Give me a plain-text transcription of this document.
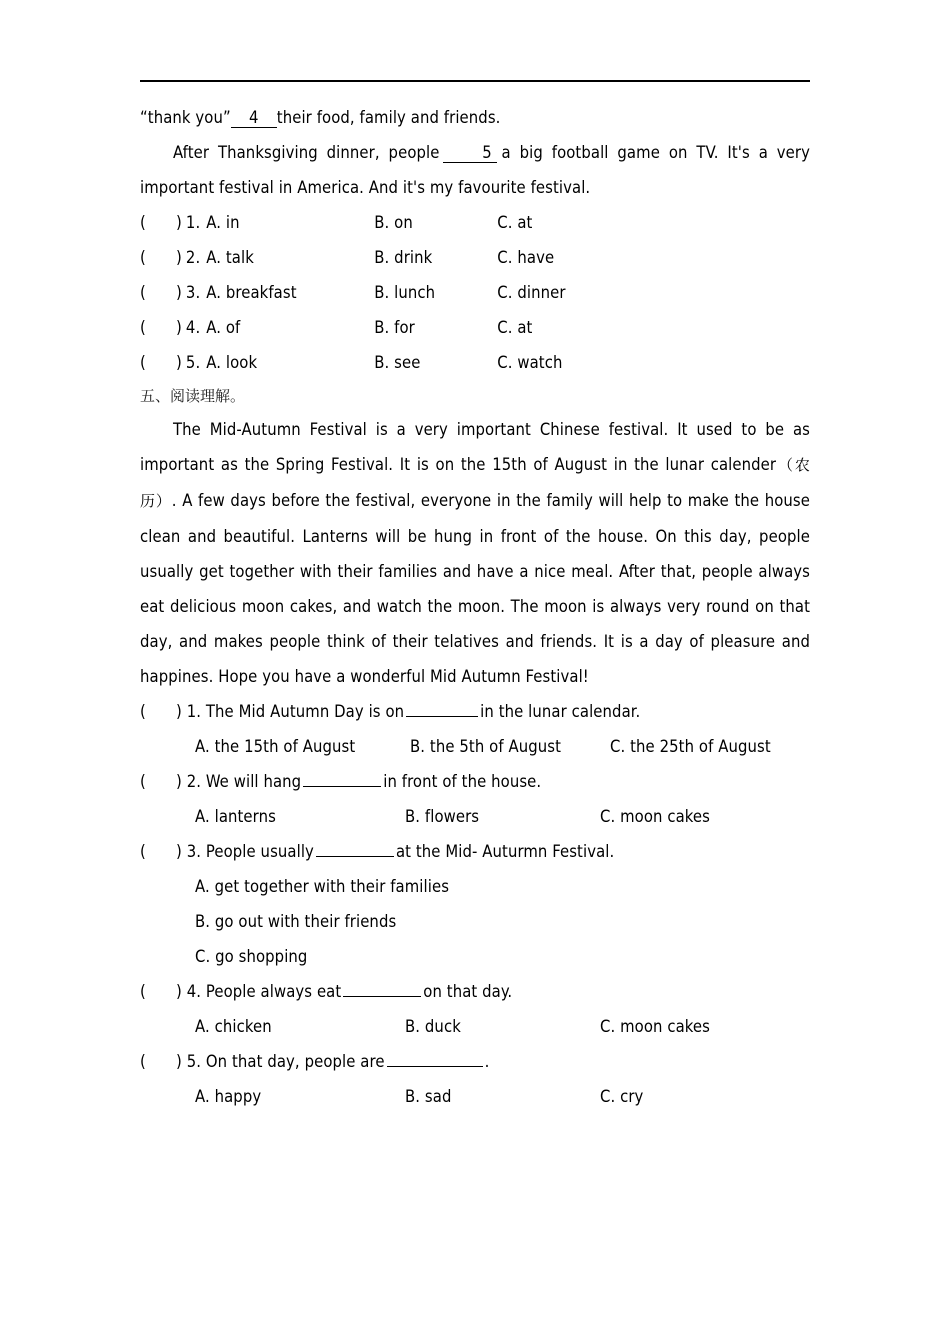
“thank you” 4 their food, family and friends.
After Thanksgiving dinner, people	5 a big football game on TV. It's a very important festival in America. And it's my favourite festival.
( ) 1. A. in	B. on	C. at
( ) 2. A. talk	B. drink	C. have
( ) 3. A. breakfast	B. lunch	C. dinner
( ) 4. A. of	B. for	C. at
( ) 5. A. look	B. see	C. watch
五、阅读理解。
The Mid-Autumn Festival is a very important Chinese festival. It used to be as important as the Spring Festival. It is on the 15th of August in the lunar calender（农历）. A few days before the festival, everyone in the family will help to make the house clean and beautiful. Lanterns will be hung in front of the house. On this day, people usually get together with their families and have a nice meal. After that, people always eat delicious moon cakes, and watch the moon. The moon is always very round on that day, and makes people think of their telatives and friends. It is a day of pleasure and happines. Hope you have a wonderful Mid Autumn Festival!
( ) 1. The Mid Autumn Day is on	in the lunar calendar.
A. the 15th of August	B. the 5th of August	C. the 25th of August
( ) 2. We will hang	in front of the house.
A. lanterns	B. flowers	C. moon cakes
( ) 3. People usually	at the Mid- Auturmn Festival.
A. get together with their families
B. go out with their friends
C. go shopping
( ) 4. People always eat	on that day.
A. chicken	B. duck	C. moon cakes
( ) 5. On that day, people are	.
A. happy	B. sad	C. cry
